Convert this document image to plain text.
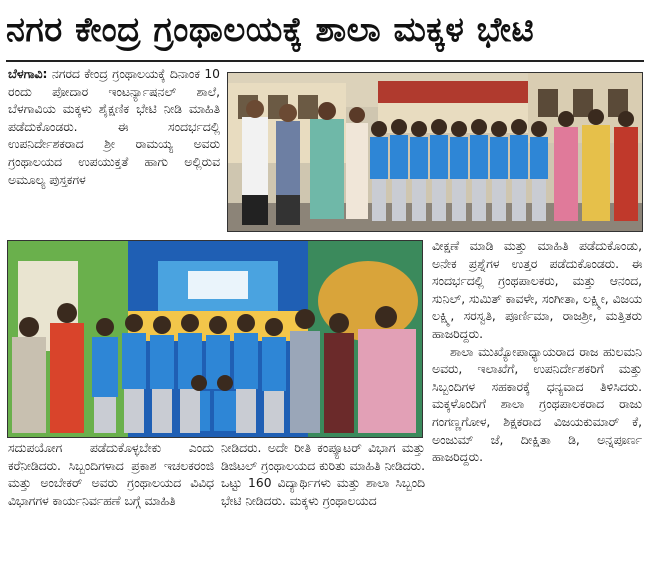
ನಗರ ಕೇಂದ್ರ ಗ್ರಂಥಾಲಯಕ್ಕೆ ಶಾಲಾ ಮಕ್ಕಳ ಭೇಟಿ

ಬೆಳಗಾವಿ: ನಗರದ ಕೇಂದ್ರ ಗ್ರಂಥಾಲಯಕ್ಕೆ ದಿನಾಂಕ 10 ರಂದು ಪೋದಾರ ಇಂಟರ್ನ್ಯಾಷನಲ್ ಶಾಲೆ, ಬೆಳಗಾವಿಯ ಮಕ್ಕಳು ಶೈಕ್ಷಣಿಕ ಭೇಟಿ ನೀಡಿ ಮಾಹಿತಿ ಪಡೆದುಕೊಂಡರು. ಈ ಸಂದರ್ಭದಲ್ಲಿ ಉಪನಿರ್ದೇಶಕರಾದ ಶ್ರೀ ರಾಮಯ್ಯ ಅವರು ಗ್ರಂಥಾಲಯದ ಉಪಯುಕ್ತತೆ ಹಾಗು ಅಲ್ಲಿರುವ ಅಮೂಲ್ಯ ಪುಸ್ತಕಗಳ

ವೀಕ್ಷಣೆ ಮಾಡಿ ಮತ್ತು ಮಾಹಿತಿ ಪಡೆದುಕೊಂಡು, ಅನೇಕ ಪ್ರಶ್ನೆಗಳ ಉತ್ತರ ಪಡೆದುಕೊಂಡರು. ಈ ಸಂದರ್ಭದಲ್ಲಿ ಗ್ರಂಥಪಾಲಕರು, ಮತ್ತು ಆನಂದ, ಸುನಿಲ್, ಸುಮಿತ್ ಕಾವಳೇ, ಸಂಗೀತಾ, ಲಕ್ಷ್ಮೀ, ವಿಜಯ ಲಕ್ಷ್ಮಿ, ಸರಸ್ವತಿ, ಪೂರ್ಣಿಮಾ, ರಾಜಶ್ರೀ, ಮತ್ತಿತರು ಹಾಜರಿದ್ದರು.

ಶಾಲಾ ಮುಖ್ಯೋಪಾಧ್ಯಾಯರಾದ ರಾಜ ಹುಲಮನಿ ಅವರು, ಇಲಾಖೆಗೆ, ಉಪನಿರ್ದೇಶಕರಿಗೆ ಮತ್ತು ಸಿಬ್ಬಂದಿಗಳ ಸಹಕಾರಕ್ಕೆ ಧನ್ಯವಾದ ತಿಳಿಸಿದರು. ಮಕ್ಕಳೊಂದಿಗೆ ಶಾಲಾ ಗ್ರಂಥಪಾಲಕರಾದ ರಾಜು ಗಂಗಣ್ಣಗೋಳ, ಶಿಕ್ಷಕರಾದ ವಿಜಯಕುಮಾರ್ ಕೆ, ಅಂಜುಮ್ ಜೆ, ದೀಕ್ಷಿತಾ ಡಿ, ಅನ್ನಪೂರ್ಣ ಹಾಜರಿದ್ದರು.

ಸದುಪಯೋಗ ಪಡೆದುಕೊಳ್ಳಬೇಕು ಎಂದು ಕರೆನೀಡಿದರು. ಸಿಬ್ಬಂದಿಗಳಾದ ಪ್ರಕಾಶ ಇಚಲಕರಂಜಿ ಮತ್ತು ಅಂಬೇಕರ್ ಅವರು ಗ್ರಂಥಾಲಯದ ವಿವಿಧ ವಿಭಾಗಗಳ ಕಾರ್ಯನಿರ್ವಹಣೆ ಬಗ್ಗೆ ಮಾಹಿತಿ

ನೀಡಿದರು. ಅದೇ ರೀತಿ ಕಂಪ್ಯೂಟರ್ ವಿಭಾಗ ಮತ್ತು ಡಿಜಿಟಲ್ ಗ್ರಂಥಾಲಯದ ಕುರಿತು ಮಾಹಿತಿ ನೀಡಿದರು. ಒಟ್ಟು 160 ವಿದ್ಯಾರ್ಥಿಗಳು ಮತ್ತು ಶಾಲಾ ಸಿಬ್ಬಂದಿ ಭೇಟಿ ನೀಡಿದರು. ಮಕ್ಕಳು ಗ್ರಂಥಾಲಯದ
